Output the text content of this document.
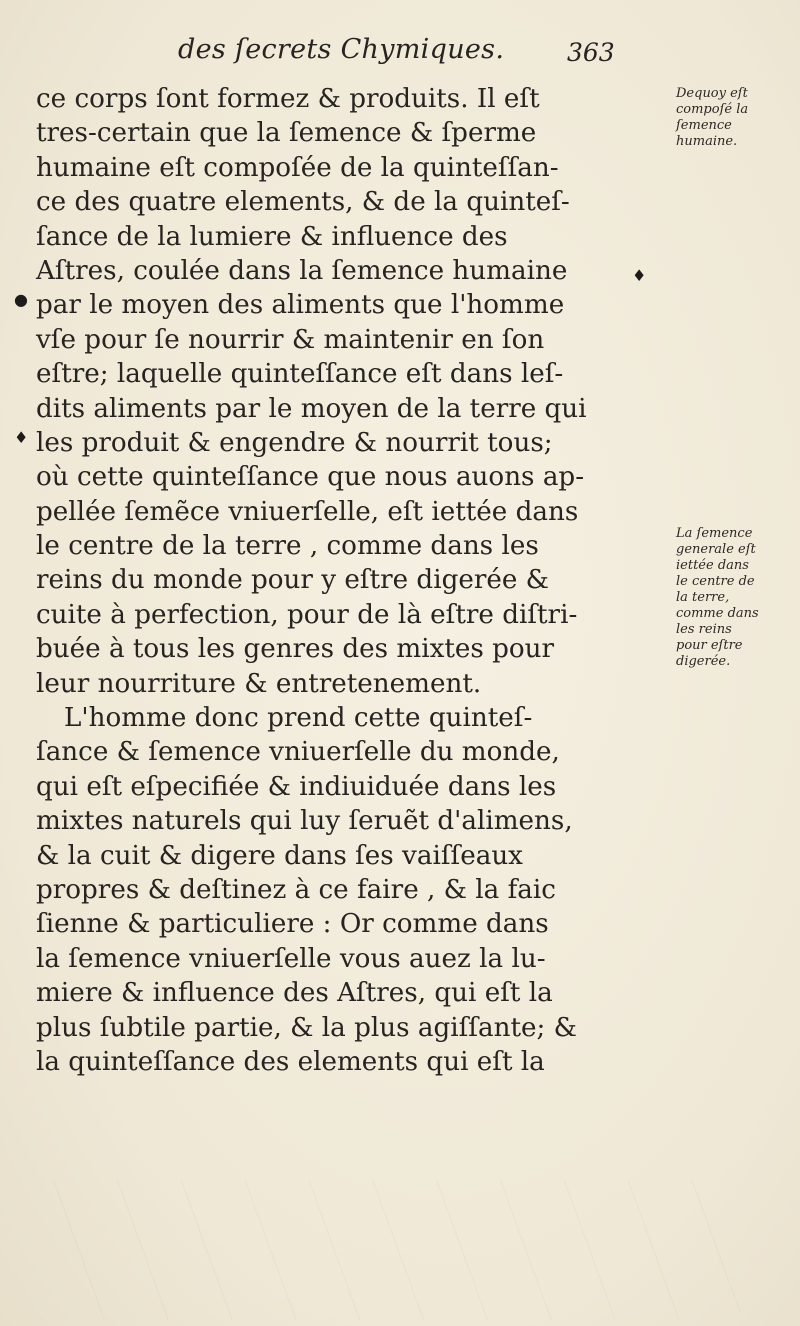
des ſecrets Chymiques.	363
♦
●
♦
ce corps ſont formez & produits. Il eſt
tres-certain que la ſemence & ſperme
humaine eſt compoſée de la quinteſſan-
ce des quatre elements, & de la quinteſ-
ſance de la lumiere & influence des
Aſtres, coulée dans la ſemence humaine
par le moyen des aliments que l'homme
vſe pour ſe nourrir & maintenir en ſon
eſtre; laquelle quinteſſance eſt dans leſ-
dits aliments par le moyen de la terre qui
les produit & engendre & nourrit tous;
où cette quinteſſance que nous auons ap-
pellée ſemẽce vniuerſelle, eſt iettée dans
le centre de la terre , comme dans les
reins du monde pour y eſtre digerée &
cuite à perfection, pour de là eſtre diſtri-
buée à tous les genres des mixtes pour
leur nourriture & entretenement.
L'homme donc prend cette quinteſ-
ſance & ſemence vniuerſelle du monde,
qui eſt eſpecifiée & indiuiduée dans les
mixtes naturels qui luy ſeruẽt d'alimens,
& la cuit & digere dans ſes vaiſſeaux
propres & deſtinez à ce faire , & la faic
ſienne & particuliere : Or comme dans
la ſemence vniuerſelle vous auez la lu-
miere & influence des Aſtres, qui eſt la
plus ſubtile partie, & la plus agiſſante; &
la quinteſſance des elements qui eſt la
Dequoy eſt
compoſé la
ſemence
humaine.
La ſemence
generale eſt
iettée dans
le centre de
la terre,
comme dans
les reins
pour eſtre
digerée.
